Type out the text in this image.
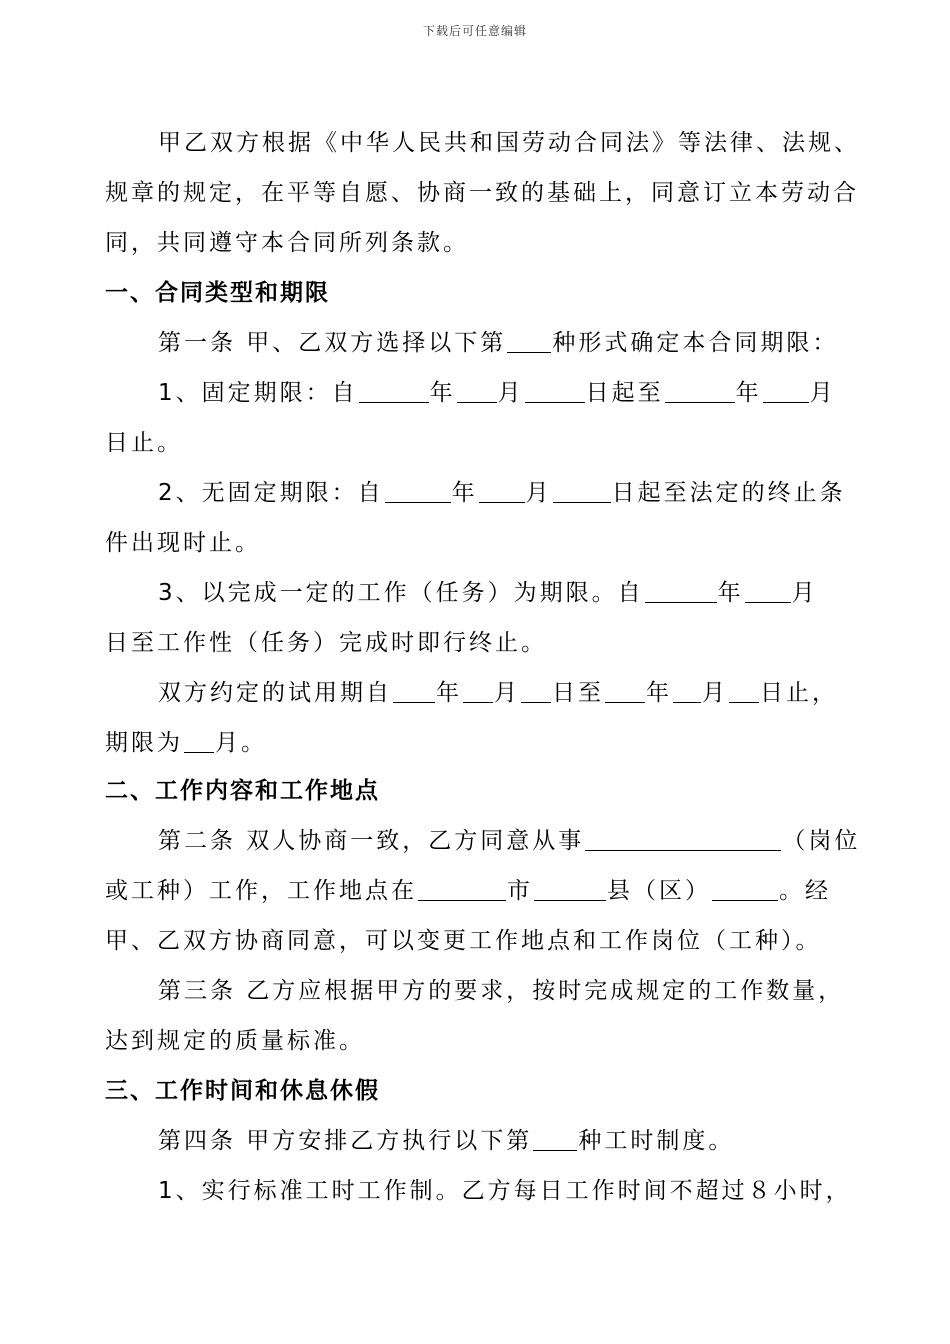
下载后可任意编辑
甲乙双方根据《中华人民共和国劳动合同法》等法律、法规、
规章的规定，在平等自愿、协商一致的基础上，同意订立本劳动合
同，共同遵守本合同所列条款。
一、合同类型和期限
第一条 甲、乙双方选择以下第 种形式确定本合同期限：
1、固定期限：自	年 月	日起至	年 月
日止。
2、无固定期限：自	年 月	日起至法定的终止条
件出现时止。
3、以完成一定的工作（任务）为期限。自	年 月
日至工作性（任务）完成时即行终止。
双方约定的试用期自 年 月 日至 年 月 日止，
期限为 月。
二、工作内容和工作地点
第二条 双人协商一致，乙方同意从事	（岗位
或工种）工作，工作地点在	市	县（区）	。经
甲、乙双方协商同意，可以变更工作地点和工作岗位（工种）。
第三条 乙方应根据甲方的要求，按时完成规定的工作数量，
达到规定的质量标准。
三、工作时间和休息休假
第四条 甲方安排乙方执行以下第 种工时制度。
1、实行标准工时工作制。乙方每日工作时间不超过８小时，
